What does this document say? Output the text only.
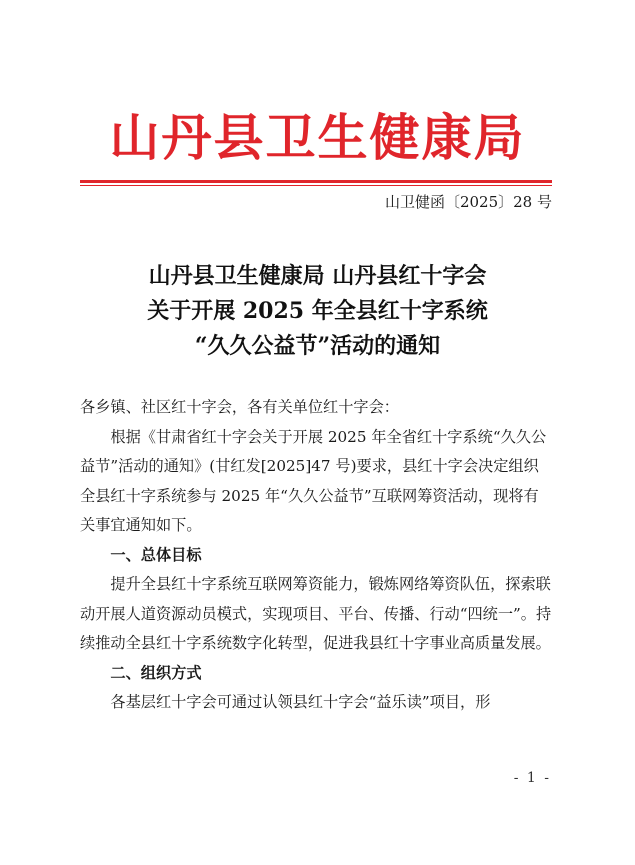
山丹县卫生健康局
山卫健函〔2025〕28 号
山丹县卫生健康局 山丹县红十字会
关于开展 2025 年全县红十字系统
“久久公益节”活动的通知

各乡镇、社区红十字会，各有关单位红十字会：

根据《甘肃省红十字会关于开展 2025 年全省红十字系统“久久公益节”活动的通知》(甘红发[2025]47 号)要求，县红十字会决定组织全县红十字系统参与 2025 年“久久公益节”互联网筹资活动，现将有关事宜通知如下。

一、总体目标

提升全县红十字系统互联网筹资能力，锻炼网络筹资队伍，探索联动开展人道资源动员模式，实现项目、平台、传播、行动“四统一”。持续推动全县红十字系统数字化转型，促进我县红十字事业高质量发展。

二、组织方式

各基层红十字会可通过认领县红十字会“益乐读”项目，形

- 1 -
